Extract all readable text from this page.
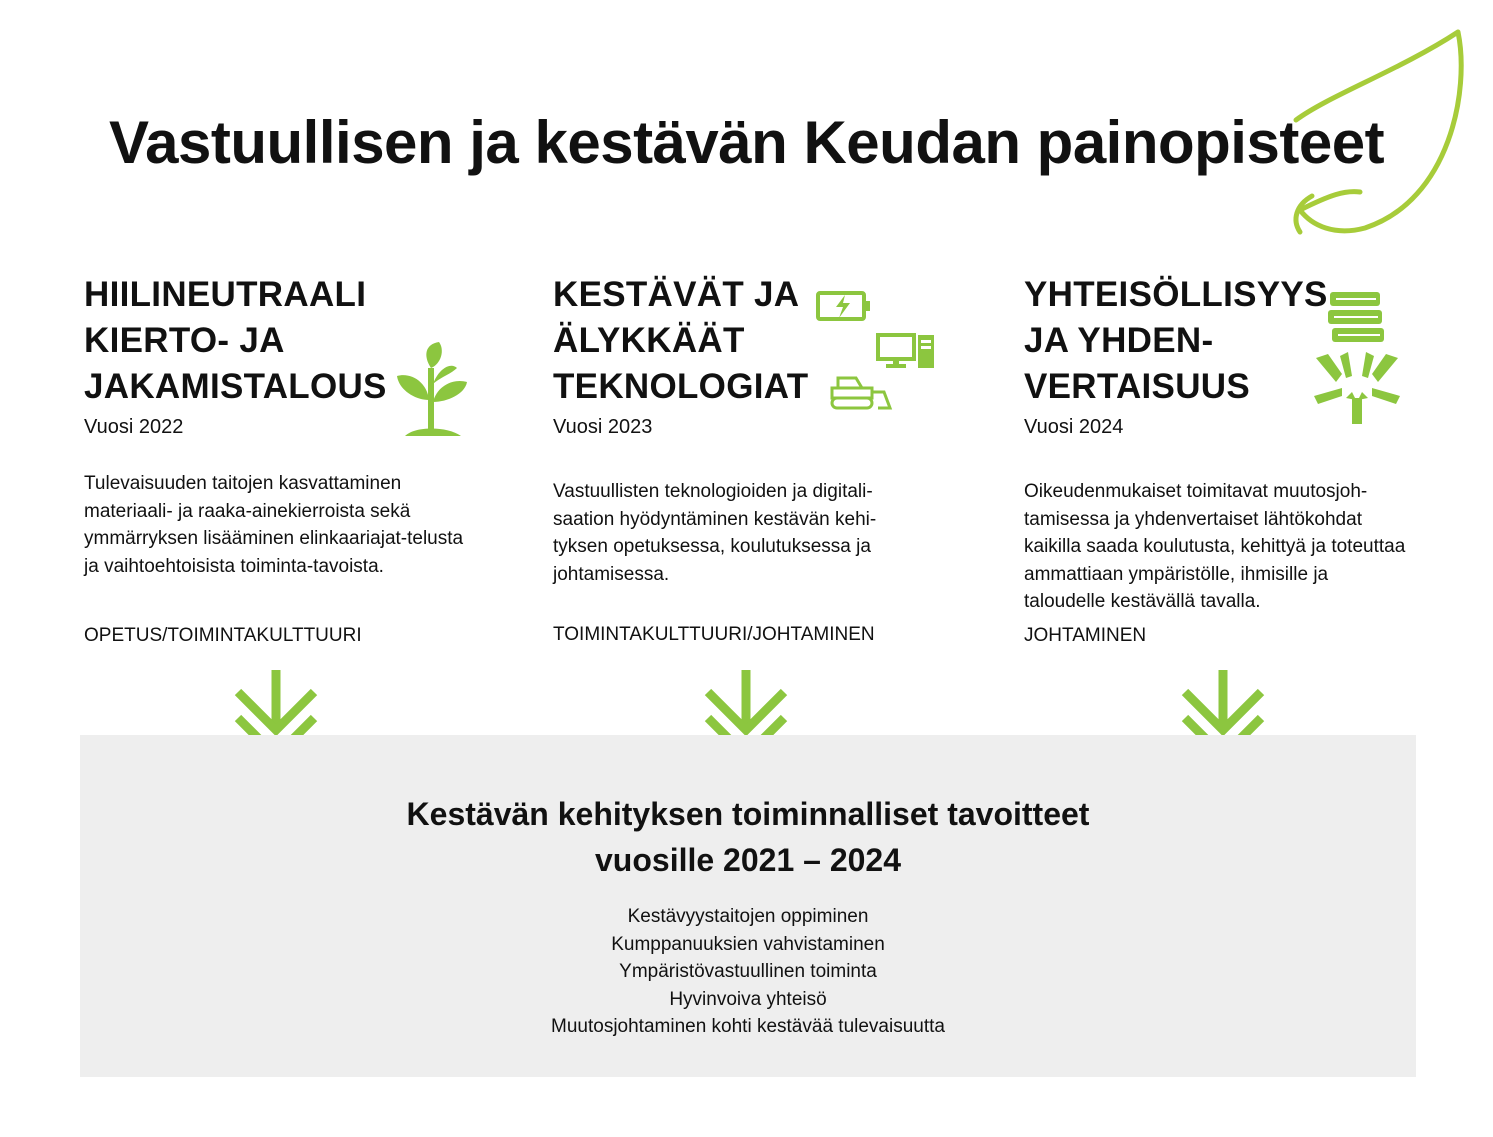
Vastuullisen ja kestävän Keudan painopisteet
HIILINEUTRAALI
KIERTO- JA
JAKAMISTALOUS
Vuosi 2022
Tulevaisuuden taitojen kasvattaminen materiaali- ja raaka-ainekierroista sekä ymmärryksen lisääminen elinkaariajat-telusta ja vaihtoehtoisista toiminta-tavoista.
OPETUS/TOIMINTAKULTTUURI
KESTÄVÄT JA
ÄLYKKÄÄT
TEKNOLOGIAT
Vuosi 2023
Vastuullisten teknologioiden ja digitali-saation hyödyntäminen kestävän kehi-tyksen opetuksessa, koulutuksessa ja johtamisessa.
TOIMINTAKULTTUURI/JOHTAMINEN
YHTEISÖLLISYYS
JA YHDEN-
VERTAISUUS
Vuosi 2024
Oikeudenmukaiset toimitavat muutosjoh-tamisessa ja yhdenvertaiset lähtökohdat kaikilla saada koulutusta, kehittyä ja toteuttaa ammattiaan ympäristölle, ihmisille ja taloudelle kestävällä tavalla.
JOHTAMINEN
Kestävän kehityksen toiminnalliset tavoitteet
vuosille 2021 – 2024
Kestävyystaitojen oppiminen
Kumppanuuksien vahvistaminen
Ympäristövastuullinen toiminta
Hyvinvoiva yhteisö
Muutosjohtaminen kohti kestävää tulevaisuutta
